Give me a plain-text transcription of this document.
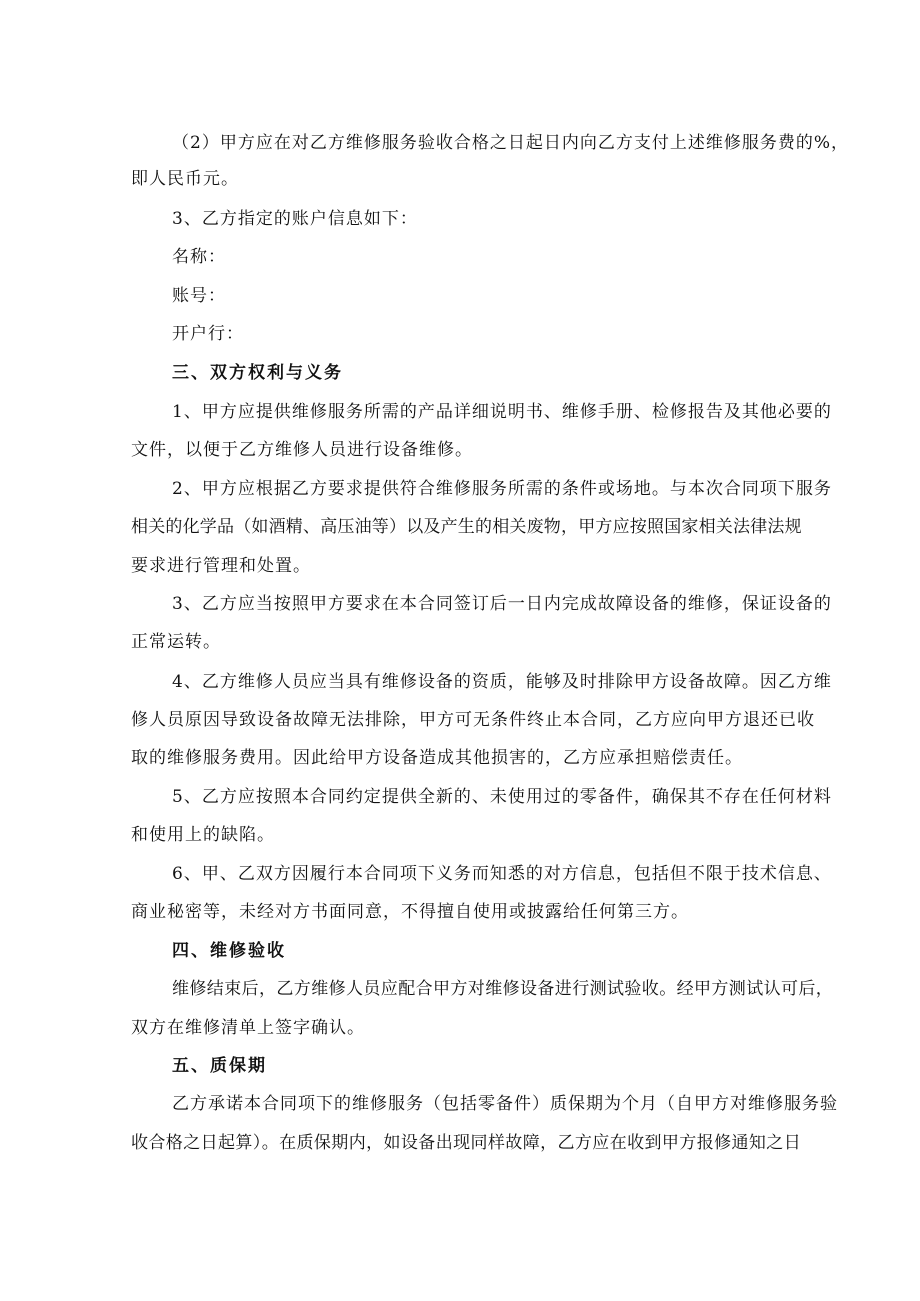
（2）甲方应在对乙方维修服务验收合格之日起日内向乙方支付上述维修服务费的%，
即人民币元。
3、乙方指定的账户信息如下：
名称：
账号：
开户行：
三、双方权利与义务
1、甲方应提供维修服务所需的产品详细说明书、维修手册、检修报告及其他必要的
文件，以便于乙方维修人员进行设备维修。
2、甲方应根据乙方要求提供符合维修服务所需的条件或场地。与本次合同项下服务
相关的化学品（如酒精、高压油等）以及产生的相关废物，甲方应按照国家相关法律法规
要求进行管理和处置。
3、乙方应当按照甲方要求在本合同签订后一日内完成故障设备的维修，保证设备的
正常运转。
4、乙方维修人员应当具有维修设备的资质，能够及时排除甲方设备故障。因乙方维
修人员原因导致设备故障无法排除，甲方可无条件终止本合同，乙方应向甲方退还已收
取的维修服务费用。因此给甲方设备造成其他损害的，乙方应承担赔偿责任。
5、乙方应按照本合同约定提供全新的、未使用过的零备件，确保其不存在任何材料
和使用上的缺陷。
6、甲、乙双方因履行本合同项下义务而知悉的对方信息，包括但不限于技术信息、
商业秘密等，未经对方书面同意，不得擅自使用或披露给任何第三方。
四、维修验收
维修结束后，乙方维修人员应配合甲方对维修设备进行测试验收。经甲方测试认可后，
双方在维修清单上签字确认。
五、质保期
乙方承诺本合同项下的维修服务（包括零备件）质保期为个月（自甲方对维修服务验
收合格之日起算）。在质保期内，如设备出现同样故障，乙方应在收到甲方报修通知之日
